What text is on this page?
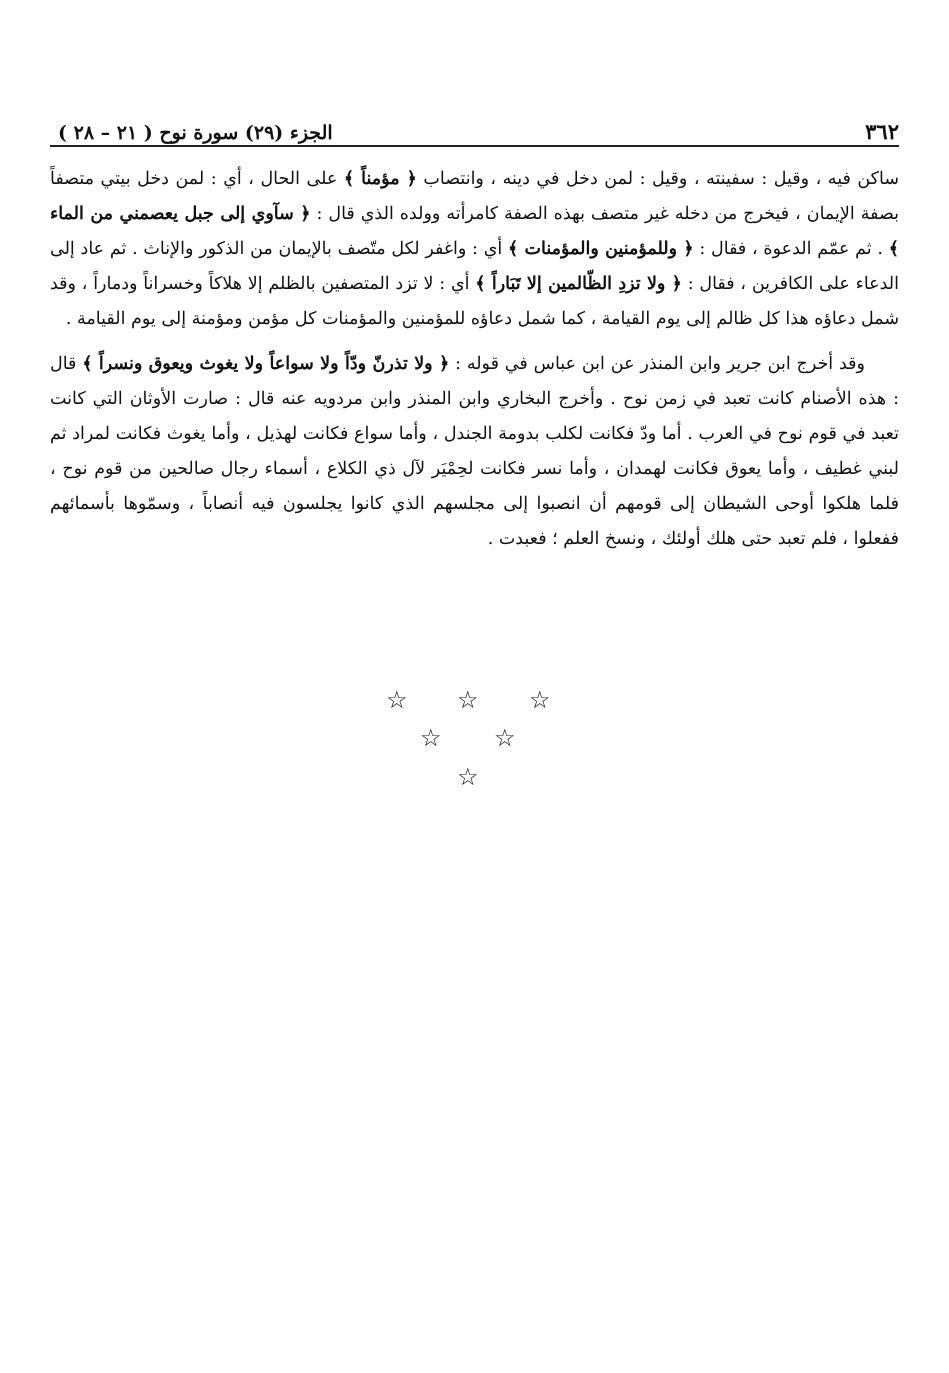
٣٦٢
الجزء (٢٩) سورة نوح ( ٢١ – ٢٨ )

ساكن فيه ، وقيل : سفينته ، وقيل : لمن دخل في دينه ، وانتصاب ﴿ مؤمناً ﴾ على الحال ، أي : لمن دخل بيتي متصفاً بصفة الإيمان ، فيخرج من دخله غير متصف بهذه الصفة كامرأته وولده الذي قال : ﴿ سآوي إلى جبل يعصمني من الماء ﴾ . ثم عمّم الدعوة ، فقال : ﴿ وللمؤمنين والمؤمنات ﴾ أي : واغفر لكل متّصف بالإيمان من الذكور والإناث . ثم عاد إلى الدعاء على الكافرين ، فقال : ﴿ ولا تزدِ الظّالمين إلا تَبَاراً ﴾ أي : لا تزد المتصفين بالظلم إلا هلاكاً وخسراناً ودماراً ، وقد شمل دعاؤه هذا كل ظالم إلى يوم القيامة ، كما شمل دعاؤه للمؤمنين والمؤمنات كل مؤمن ومؤمنة إلى يوم القيامة .

وقد أخرج ابن جرير وابن المنذر عن ابن عباس في قوله : ﴿ ولا تذرنّ ودّاً ولا سواعاً ولا يغوث ويعوق ونسراً ﴾ قال : هذه الأصنام كانت تعبد في زمن نوح . وأخرج البخاري وابن المنذر وابن مردويه عنه قال : صارت الأوثان التي كانت تعبد في قوم نوح في العرب . أما ودّ فكانت لكلب بدومة الجندل ، وأما سواع فكانت لهذيل ، وأما يغوث فكانت لمراد ثم لبني غطيف ، وأما يعوق فكانت لهمدان ، وأما نسر فكانت لحِمْيَر لآل ذي الكلاع ، أسماء رجال صالحين من قوم نوح ، فلما هلكوا أوحى الشيطان إلى قومهم أن انصبوا إلى مجلسهم الذي كانوا يجلسون فيه أنصاباً ، وسمّوها بأسمائهم ففعلوا ، فلم تعبد حتى هلك أولئك ، ونسخ العلم ؛ فعبدت .

☆ ☆ ☆
☆ ☆
☆
